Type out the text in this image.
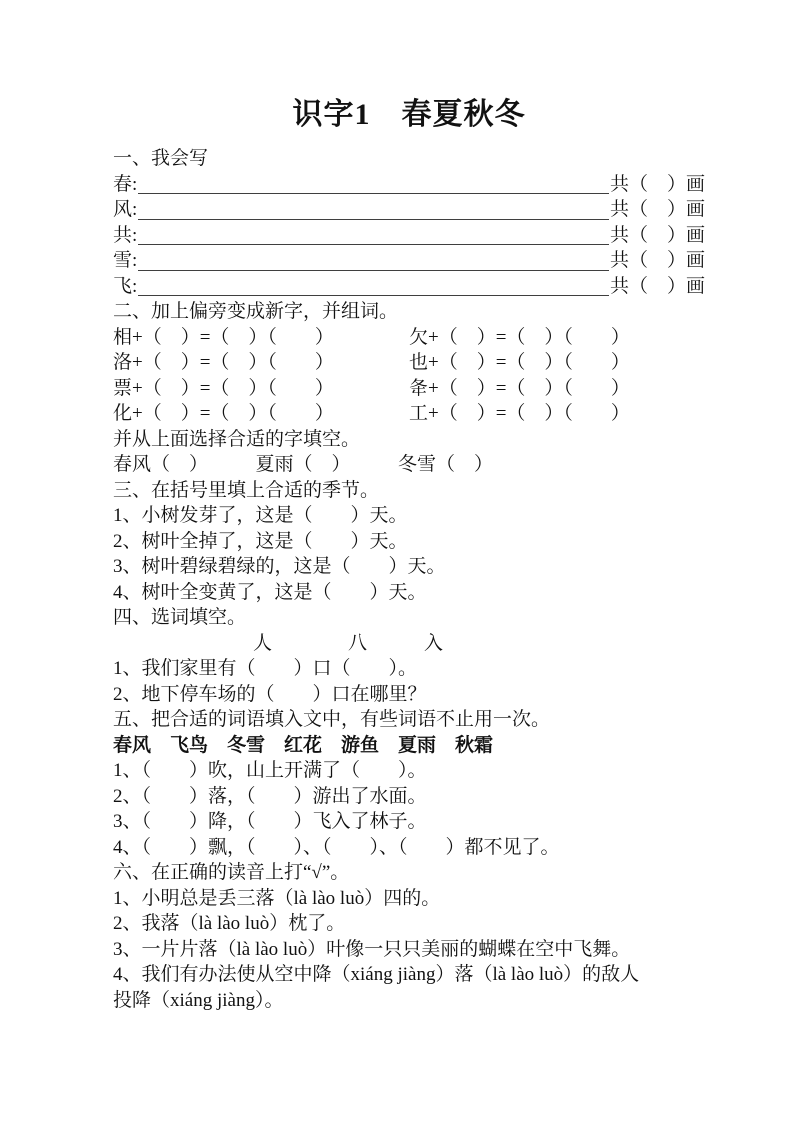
识字1　春夏秋冬
一、我会写
春:	共（　）画
风:	共（　）画
共:	共（　）画
雪:	共（　）画
飞:	共（　）画
二、加上偏旁变成新字，并组词。
相+（　）=（　）（　　）	欠+（　）=（　）（　　）
洛+（　）=（　）（　　）	也+（　）=（　）（　　）
票+（　）=（　）（　　）	夅+（　）=（　）（　　）
化+（　）=（　）（　　）	工+（　）=（　）（　　）
并从上面选择合适的字填空。
春风（　）　　　夏雨（　）　　　冬雪（　）
三、在括号里填上合适的季节。
1、小树发芽了，这是（　　）天。
2、树叶全掉了，这是（　　）天。
3、树叶碧绿碧绿的，这是（　　）天。
4、树叶全变黄了，这是（　　）天。
四、选词填空。
人　　　　八　　　入
1、我们家里有（　　）口（　　）。
2、地下停车场的（　　）口在哪里？
五、把合适的词语填入文中，有些词语不止用一次。
春风　飞鸟　冬雪　红花　游鱼　夏雨　秋霜
1、（　　）吹，山上开满了（　　）。
2、（　　）落，（　　）游出了水面。
3、（　　）降，（　　）飞入了林子。
4、（　　）飘，（　　）、（　　）、（　　）都不见了。
六、在正确的读音上打“√”。
1、小明总是丢三落（là lào luò）四的。
2、我落（là lào luò）枕了。
3、一片片落（là lào luò）叶像一只只美丽的蝴蝶在空中飞舞。
4、我们有办法使从空中降（xiáng jiàng）落（là lào luò）的敌人
投降（xiáng jiàng）。
